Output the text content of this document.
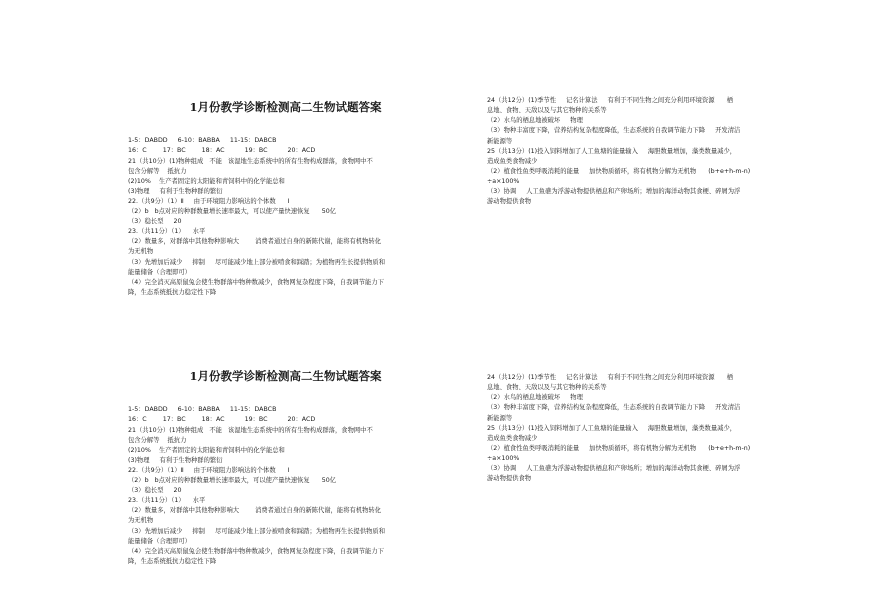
1月份教学诊断检测高二生物试题答案

1-5：DABDD     6-10：BABBA     11-15：DABCB
16：C        17：BC        18：AC          19：BC          20：ACD
21（共10分）(1)物种组成   不能   该湿地生态系统中的所有生物构成群落，食物网中不
包含分解等    抵抗力
(2)10%    生产者固定的太阳能和青饲料中的化学能总和
(3)物理     有利于生物种群的繁衍
22.（共9分）（1）Ⅱ     由于环境阻力影响达的个体数      Ⅰ
（2）b   b点对应的种群数量增长速率最大，可以使产量快速恢复      50亿
（3）稳长型     20
23.（共11分）（1）    水平
（2）数量多，对群落中其他物种影响大        消费者通过自身的新陈代谢，能将有机物转化
为无机物
（3）先增加后减少     抑制     尽可能减少地上部分被啃食和踩踏；为植物再生长提供物质和
能量储备（合理即可）
（4）完全消灭高原鼠兔会使生物群落中物种数减少，食物网复杂程度下降，自我调节能力下
降，生态系统抵抗力稳定性下降

24（共12分）(1)季节性     记名计算法     有利于不同生物之间充分利用环境资源      栖
息地、食物、天敌以及与其它物种的关系等
（2）水鸟的栖息地被破坏     物理
（3）物种丰富度下降，营养结构复杂程度降低，生态系统的自我调节能力下降     开发清洁
新能源等
25（共13分）(1)投入饲料增加了人工鱼塘的能量输入     海胆数量增加，藻类数量减少，
造成鱼类食物减少
（2）植食性鱼类呼吸消耗的能量     加快物质循环，将有机物分解为无机物      (b+e+h-m-n)
÷a×100%
（3）协调     人工鱼礁为浮游动物提供栖息和产卵场所；增加的海洋动物其食梗、碎屑为浮
游动物提供食物

1月份教学诊断检测高二生物试题答案

1-5：DABDD     6-10：BABBA     11-15：DABCB
16：C        17：BC        18：AC          19：BC          20：ACD
21（共10分）(1)物种组成   不能   该湿地生态系统中的所有生物构成群落，食物网中不
包含分解等    抵抗力
(2)10%    生产者固定的太阳能和青饲料中的化学能总和
(3)物理     有利于生物种群的繁衍
22.（共9分）（1）Ⅱ     由于环境阻力影响达的个体数      Ⅰ
（2）b   b点对应的种群数量增长速率最大，可以使产量快速恢复      50亿
（3）稳长型     20
23.（共11分）（1）    水平
（2）数量多，对群落中其他物种影响大        消费者通过自身的新陈代谢，能将有机物转化
为无机物
（3）先增加后减少     抑制     尽可能减少地上部分被啃食和踩踏；为植物再生长提供物质和
能量储备（合理即可）
（4）完全消灭高原鼠兔会使生物群落中物种数减少，食物网复杂程度下降，自我调节能力下
降，生态系统抵抗力稳定性下降

24（共12分）(1)季节性     记名计算法     有利于不同生物之间充分利用环境资源      栖
息地、食物、天敌以及与其它物种的关系等
（2）水鸟的栖息地被破坏     物理
（3）物种丰富度下降，营养结构复杂程度降低，生态系统的自我调节能力下降     开发清洁
新能源等
25（共13分）(1)投入饲料增加了人工鱼塘的能量输入     海胆数量增加，藻类数量减少，
造成鱼类食物减少
（2）植食性鱼类呼吸消耗的能量     加快物质循环，将有机物分解为无机物      (b+e+h-m-n)
÷a×100%
（3）协调     人工鱼礁为浮游动物提供栖息和产卵场所；增加的海洋动物其食梗、碎屑为浮
游动物提供食物
